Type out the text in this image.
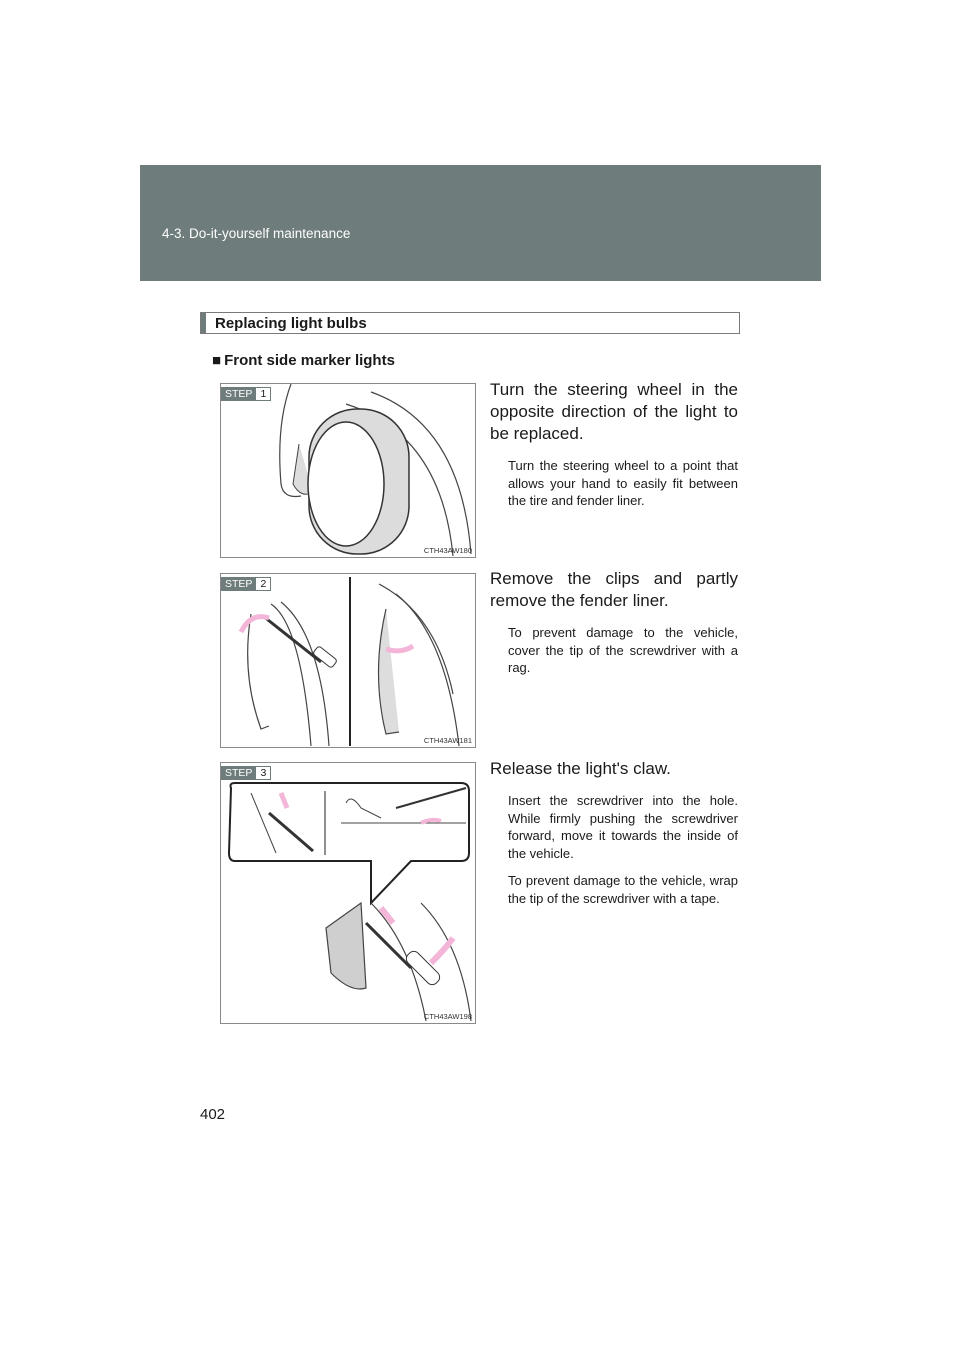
4-3. Do-it-yourself maintenance
Replacing light bulbs
■ Front side marker lights
STEP 1
CTH43AW180

Turn the steering wheel in the opposite direction of the light to be replaced.

Turn the steering wheel to a point that allows your hand to easily fit between the tire and fender liner.

STEP 2
CTH43AW181

Remove the clips and partly remove the fender liner.

To prevent damage to the vehicle, cover the tip of the screwdriver with a rag.

STEP 3
CTH43AW198

Release the light's claw.

Insert the screwdriver into the hole. While firmly pushing the screwdriver forward, move it towards the inside of the vehicle.

To prevent damage to the vehicle, wrap the tip of the screwdriver with a tape.

402
